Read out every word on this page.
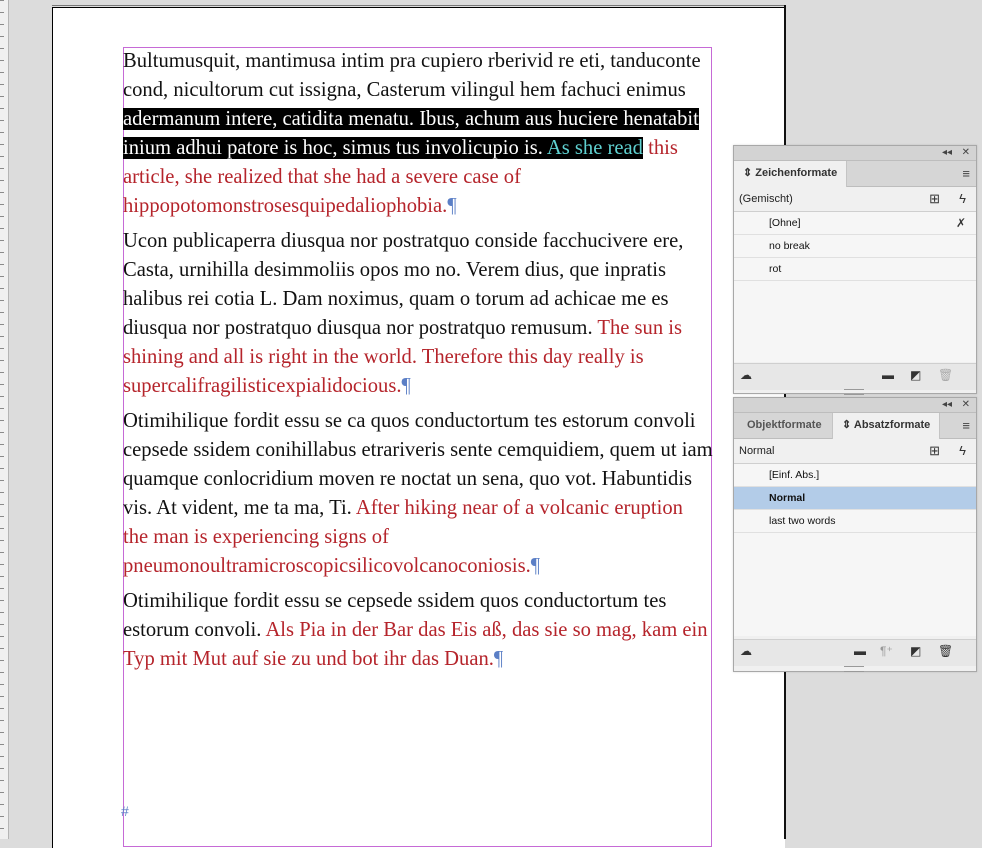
Bultumusquit, mantimusa intim pra cupiero rberivid re eti, tanduconte cond, nicultorum cut issigna, Casterum vilingul hem fachuci enimus adermanum intere, catidita menatu. Ibus, achum aus huciere henatabit inium adhui patore is hoc, simus tus involicupio is. As she read this article, she realized that she had a severe case of hippopotomonstrosesquipedaliophobia.¶

Ucon publicaperra diusqua nor postratquo conside facchucivere ere, Casta, urnihilla desimmoliis opos mo no. Verem dius, que inpratis halibus rei cotia L. Dam noximus, quam o torum ad achicae me es diusqua nor postratquo diusqua nor postratquo remusum. The sun is shining and all is right in the world. Therefore this day really is supercalifragilisticexpialidocious.¶

Otimihilique fordit essu se ca quos conductortum tes estorum convoli cepsede ssidem conihillabus etrariveris sente cemquidiem, quem ut iam quamque conlocridium moven re noctat un sena, quo vot. Habuntidis vis. At vident, me ta ma, Ti. After hiking near of a volcanic eruption the man is experiencing signs of pneumonoultramicroscopicsilicovolcanoconiosis.¶

Otimihilique fordit essu se cepsede ssidem quos conductortum tes estorum convoli. Als Pia in der Bar das Eis aß, das sie so mag, kam ein Typ mit Mut auf sie zu und bot ihr das Duan.¶

#
◂◂ ✕
⇕ Zeichenformate	≡
(Gemischt)	⊞ ϟ
[Ohne]	✗
no break
rot
☁	▬ ◩ 🗑
◂◂ ✕
Objektformate	⇕ Absatzformate	≡
Normal	⊞ ϟ
[Einf. Abs.]
Normal
last two words
☁	▬ ¶⁺ ◩ 🗑
